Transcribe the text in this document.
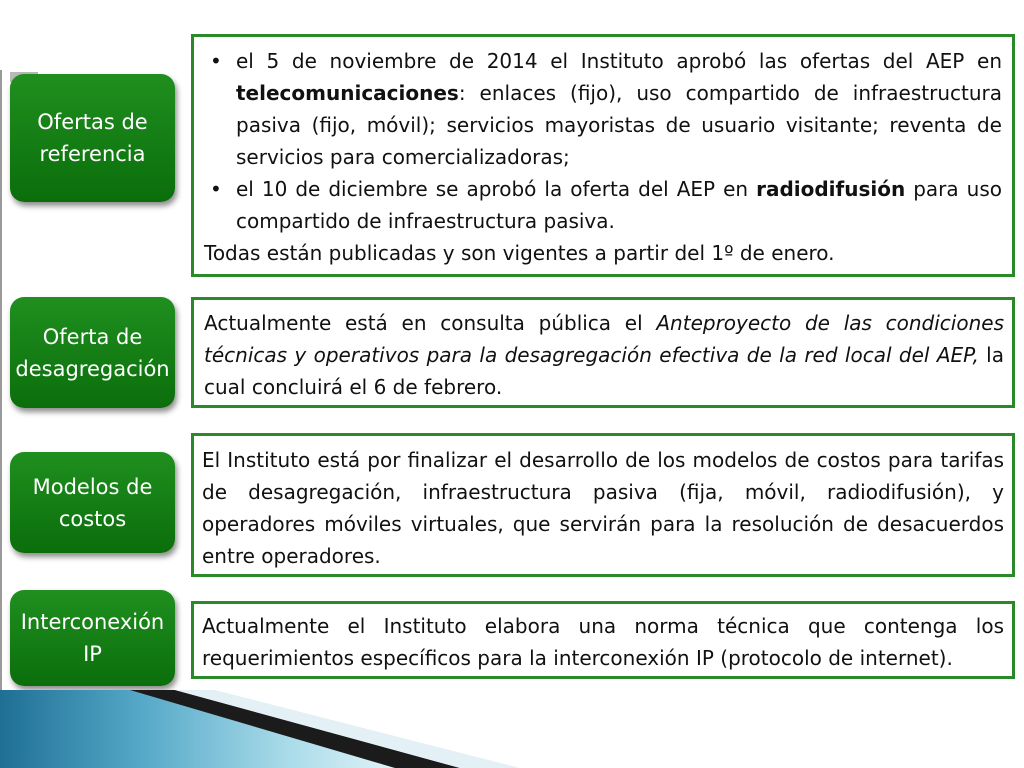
Ofertas de
referencia
• el 5 de noviembre de 2014 el Instituto aprobó las ofertas del AEP en telecomunicaciones: enlaces (fijo), uso compartido de infraestructura pasiva (fijo, móvil); servicios mayoristas de usuario visitante; reventa de servicios para comercializadoras;
• el 10 de diciembre se aprobó la oferta del AEP en radiodifusión para uso compartido de infraestructura pasiva.
Todas están publicadas y son vigentes a partir del 1º de enero.
Oferta de
desagregación
Actualmente está en consulta pública el Anteproyecto de las condiciones técnicas y operativos para la desagregación efectiva de la red local del AEP, la cual concluirá el 6 de febrero.
Modelos de
costos
El Instituto está por finalizar el desarrollo de los modelos de costos para tarifas de desagregación, infraestructura pasiva (fija, móvil, radiodifusión), y operadores móviles virtuales, que servirán para la resolución de desacuerdos entre operadores.
Interconexión
IP
Actualmente el Instituto elabora una norma técnica que contenga los requerimientos específicos para la interconexión IP (protocolo de internet).
